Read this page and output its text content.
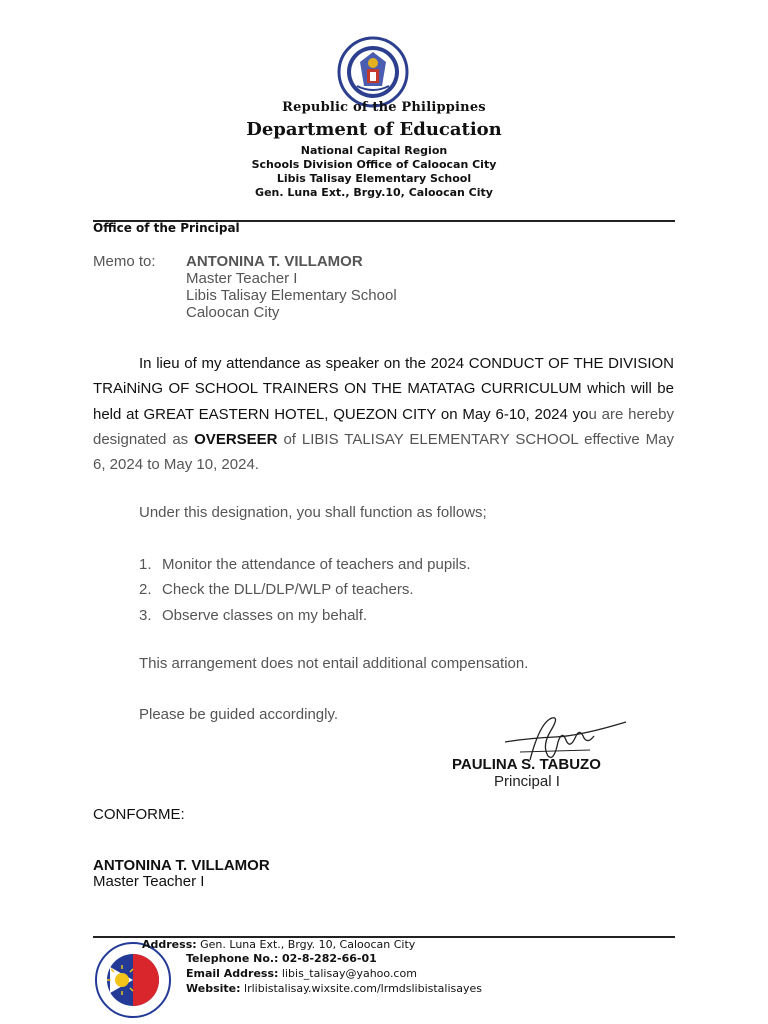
Republic of the Philippines
Department of Education
National Capital Region
Schools Division Office of Caloocan City
Libis Talisay Elementary School
Gen. Luna Ext., Brgy.10, Caloocan City
Office of the Principal
Memo to: ANTONINA T. VILLAMOR
Master Teacher I
Libis Talisay Elementary School
Caloocan City
In lieu of my attendance as speaker on the 2024 CONDUCT OF THE DIVISION TRAiNiNG OF SCHOOL TRAINERS ON THE MATATAG CURRICULUM which will be held at GREAT EASTERN HOTEL, QUEZON CITY on May 6-10, 2024 you are hereby designated as OVERSEER of LIBIS TALISAY ELEMENTARY SCHOOL effective May 6, 2024 to May 10, 2024.
Under this designation, you shall function as follows;
1. Monitor the attendance of teachers and pupils.
2. Check the DLL/DLP/WLP of teachers.
3. Observe classes on my behalf.
This arrangement does not entail additional compensation.
Please be guided accordingly.
PAULINA S. TABUZO
Principal I
CONFORME:
ANTONINA T. VILLAMOR
Master Teacher I
Address: Gen. Luna Ext., Brgy. 10, Caloocan City
Telephone No.: 02-8-282-66-01
Email Address: libis_talisay@yahoo.com
Website: lrlibistalisay.wixsite.com/lrmdslibistalisayes
